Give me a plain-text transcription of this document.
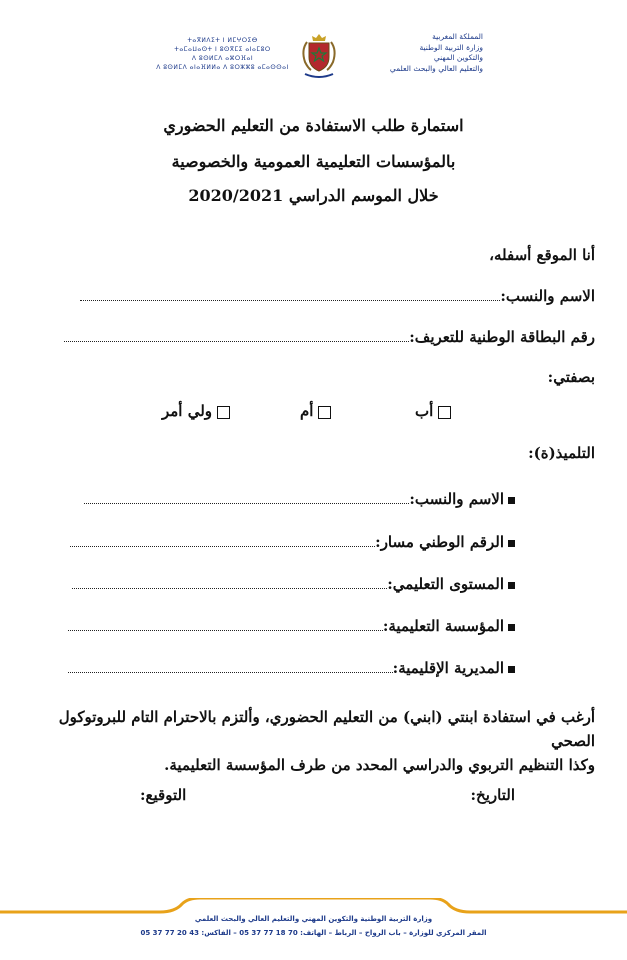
ⵜⴰⴳⵍⴷⵉⵜ ⵏ ⵍⵎⵖⵔⵉⴱ
ⵜⴰⵎⴰⵡⴰⵙⵜ ⵏ ⵓⵙⴳⵎⵉ ⴰⵏⴰⵎⵓⵔ
ⴷ ⵓⵙⵍⵎⴷ ⴰⵣⵔⴼⴰⵏ
ⴷ ⵓⵙⵍⵎⴷ ⴰⵏⴰⴼⵍⵍⴰ ⴷ ⵓⵔⵣⵣⵓ ⴰⵎⴰⵙⵙⴰⵏ
المملكة المغربية
وزارة التربية الوطنية
والتكوين المهني
والتعليم العالي والبحث العلمي
استمارة طلب الاستفادة من التعليم الحضوري
بالمؤسسات التعليمية العمومية والخصوصية
خلال الموسم الدراسي 2020/2021
أنا الموقع أسفله،
الاسم والنسب:
رقم البطاقة الوطنية للتعريف:
بصفتي:
أب
أم
ولي أمر
التلميذ(ة):
الاسم والنسب:
الرقم الوطني مسار:
المستوى التعليمي:
المؤسسة التعليمية:
المديرية الإقليمية:
أرغب في استفادة ابنتي (ابني) من التعليم الحضوري، وألتزم بالاحترام التام للبروتوكول الصحي
وكذا التنظيم التربوي والدراسي المحدد من طرف المؤسسة التعليمية.
التاريخ:
التوقيع:
وزارة التربية الوطنية والتكوين المهني والتعليم العالي والبحث العلمي
المقر المركزي للوزارة – باب الرواح – الرباط – الهاتف: 70 18 77 37 05 – الفاكس: 43 20 77 37 05
